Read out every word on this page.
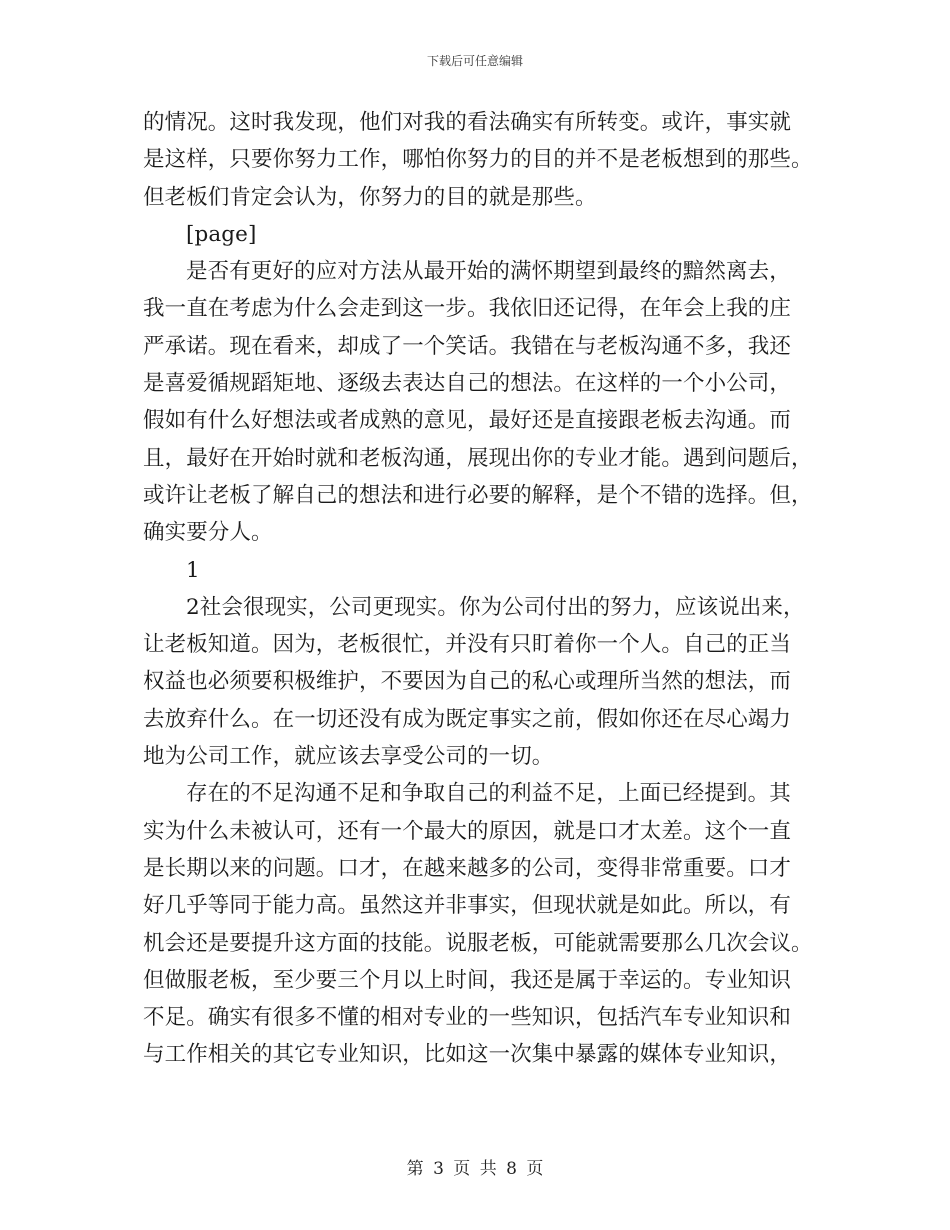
下载后可任意编辑
的情况。这时我发现，他们对我的看法确实有所转变。或许，事实就
是这样，只要你努力工作，哪怕你努力的目的并不是老板想到的那些。
但老板们肯定会认为，你努力的目的就是那些。
[page]
是否有更好的应对方法从最开始的满怀期望到最终的黯然离去，
我一直在考虑为什么会走到这一步。我依旧还记得，在年会上我的庄
严承诺。现在看来，却成了一个笑话。我错在与老板沟通不多，我还
是喜爱循规蹈矩地、逐级去表达自己的想法。在这样的一个小公司，
假如有什么好想法或者成熟的意见，最好还是直接跟老板去沟通。而
且，最好在开始时就和老板沟通，展现出你的专业才能。遇到问题后，
或许让老板了解自己的想法和进行必要的解释，是个不错的选择。但，
确实要分人。
1
2社会很现实，公司更现实。你为公司付出的努力，应该说出来，
让老板知道。因为，老板很忙，并没有只盯着你一个人。自己的正当
权益也必须要积极维护，不要因为自己的私心或理所当然的想法，而
去放弃什么。在一切还没有成为既定事实之前，假如你还在尽心竭力
地为公司工作，就应该去享受公司的一切。
存在的不足沟通不足和争取自己的利益不足，上面已经提到。其
实为什么未被认可，还有一个最大的原因，就是口才太差。这个一直
是长期以来的问题。口才，在越来越多的公司，变得非常重要。口才
好几乎等同于能力高。虽然这并非事实，但现状就是如此。所以，有
机会还是要提升这方面的技能。说服老板，可能就需要那么几次会议。
但做服老板，至少要三个月以上时间，我还是属于幸运的。专业知识
不足。确实有很多不懂的相对专业的一些知识，包括汽车专业知识和
与工作相关的其它专业知识，比如这一次集中暴露的媒体专业知识，
第 3 页 共 8 页
